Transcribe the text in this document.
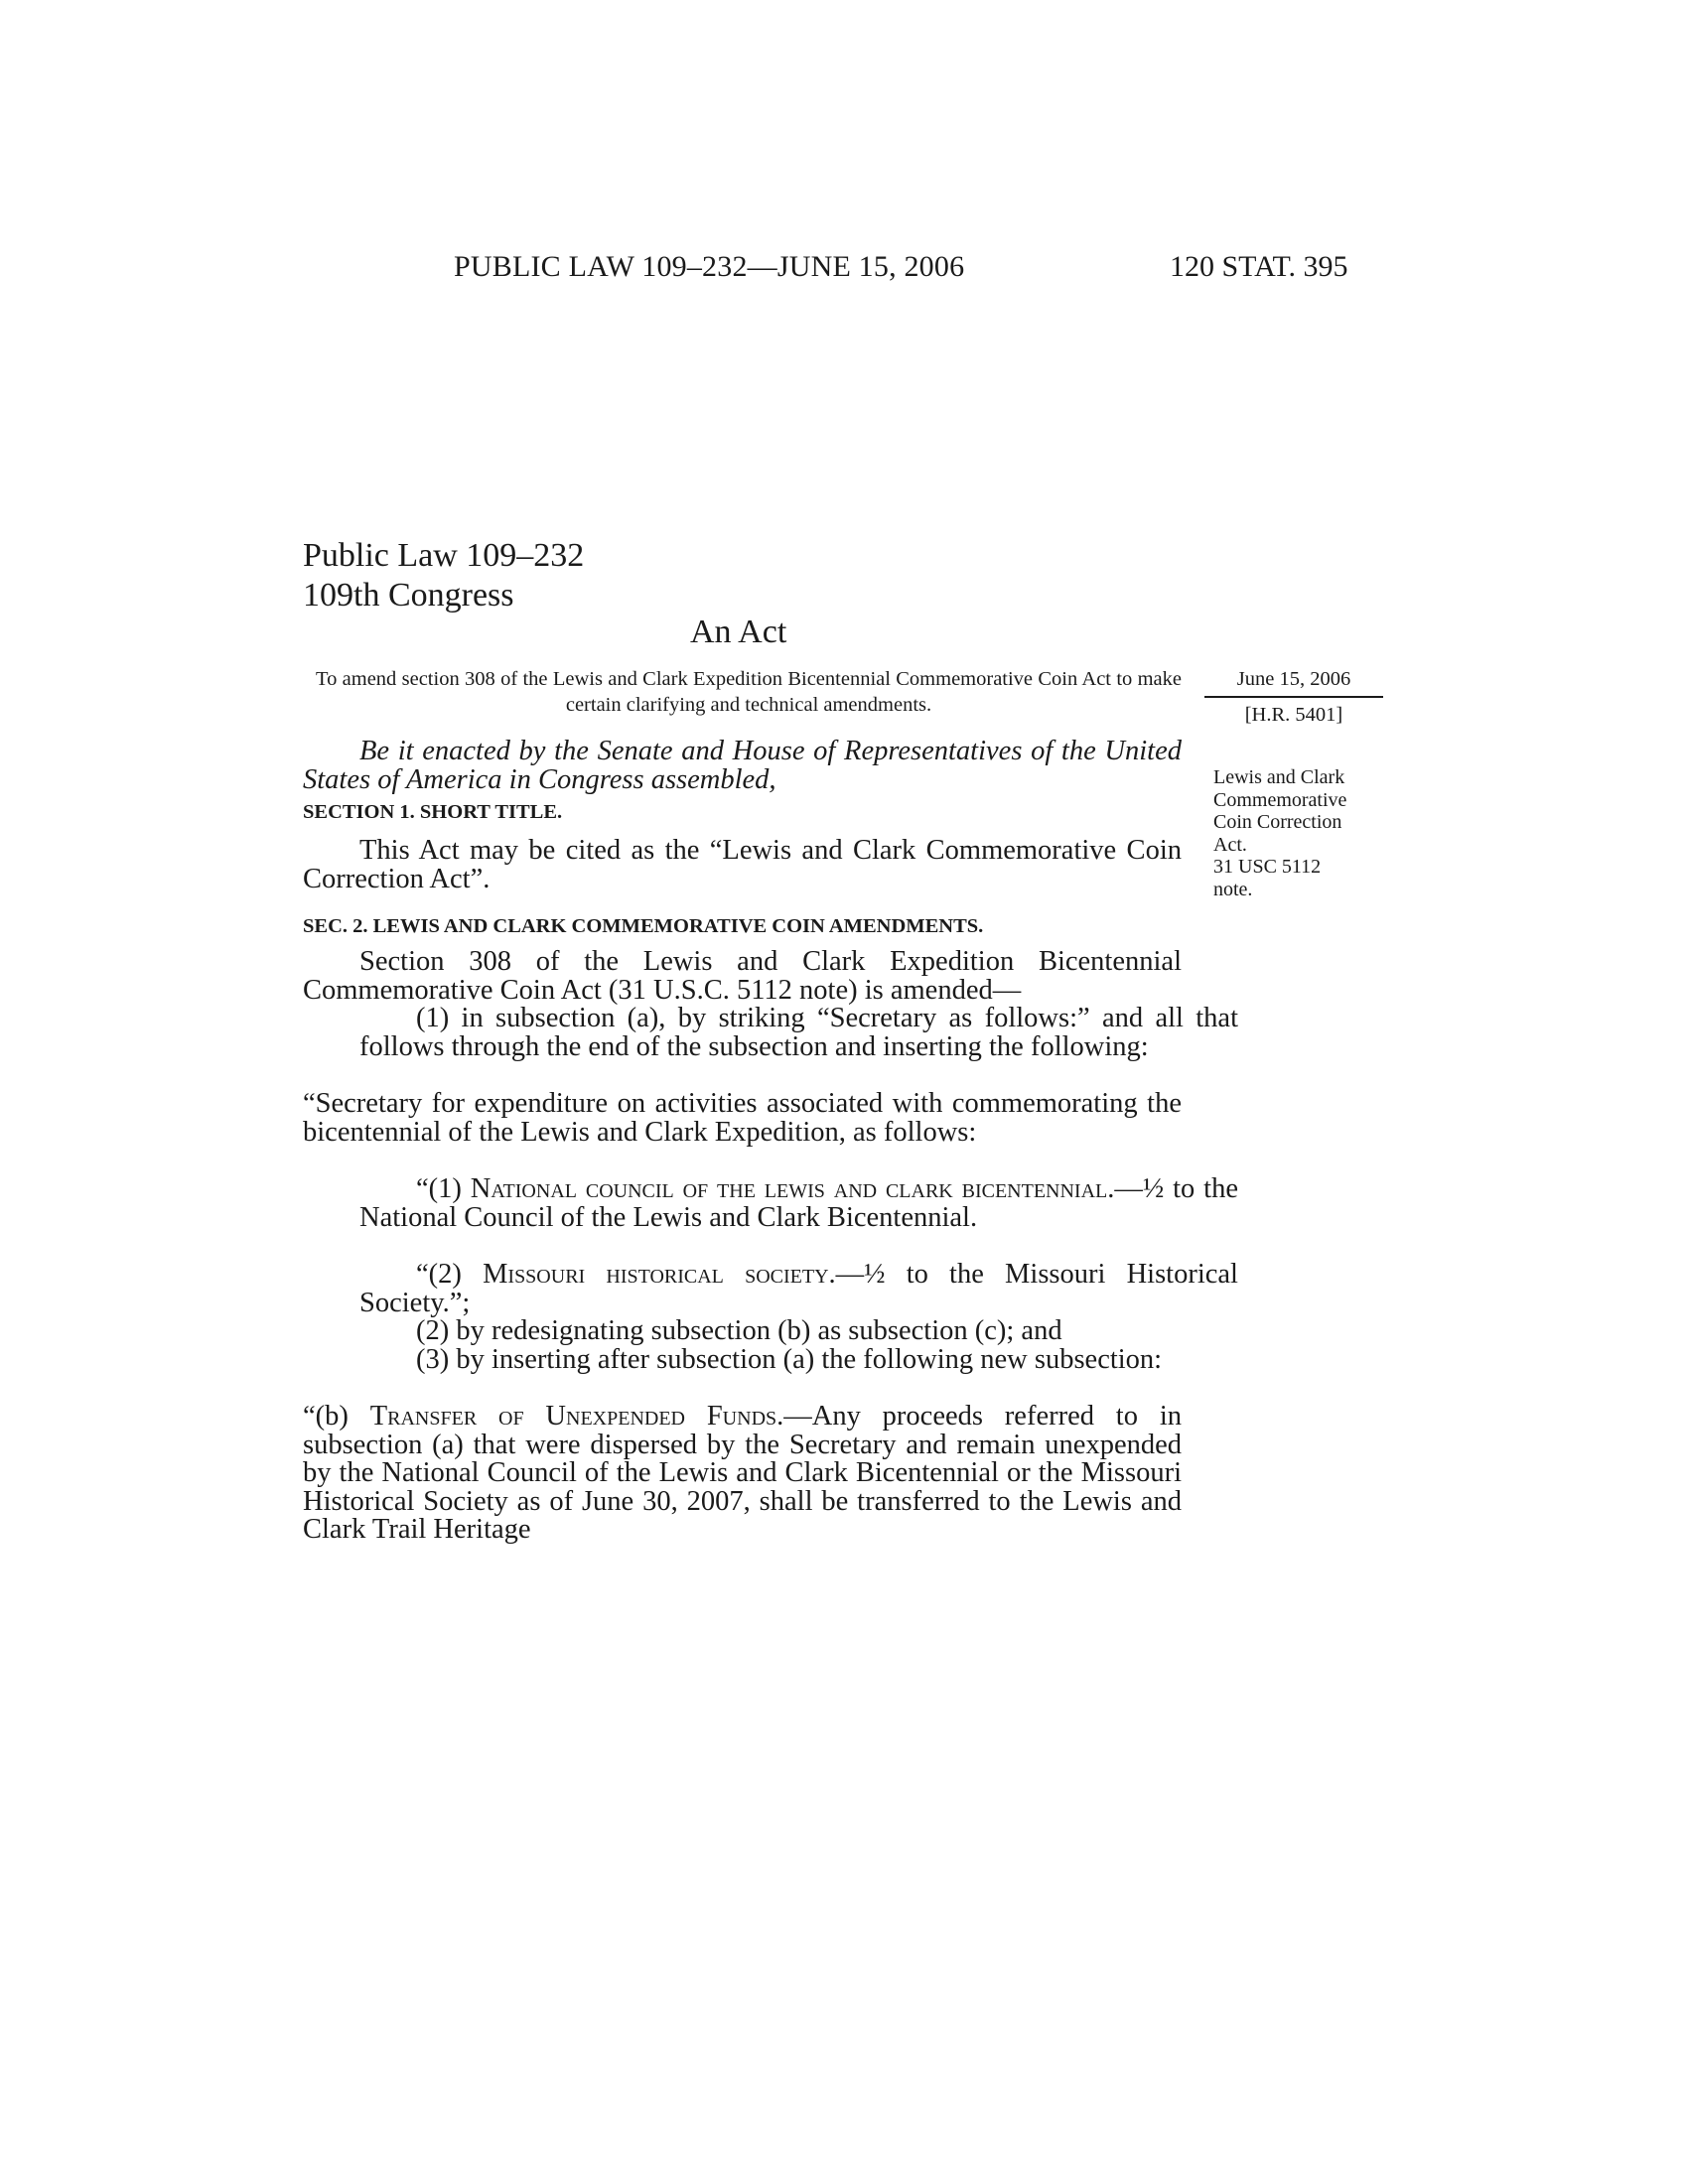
PUBLIC LAW 109–232—JUNE 15, 2006	120 STAT. 395
Public Law 109–232
109th Congress
An Act
To amend section 308 of the Lewis and Clark Expedition Bicentennial Commemorative Coin Act to make certain clarifying and technical amendments.
June 15, 2006
[H.R. 5401]
Lewis and Clark
Commemorative
Coin Correction
Act.
31 USC 5112
note.

Be it enacted by the Senate and House of Representatives of the United States of America in Congress assembled,

SECTION 1. SHORT TITLE.

This Act may be cited as the “Lewis and Clark Commemorative Coin Correction Act”.

SEC. 2. LEWIS AND CLARK COMMEMORATIVE COIN AMENDMENTS.

Section 308 of the Lewis and Clark Expedition Bicentennial Commemorative Coin Act (31 U.S.C. 5112 note) is amended—

(1) in subsection (a), by striking “Secretary as follows:” and all that follows through the end of the subsection and inserting the following:

“Secretary for expenditure on activities associated with commemorating the bicentennial of the Lewis and Clark Expedition, as follows:

“(1) National council of the lewis and clark bicentennial.—½ to the National Council of the Lewis and Clark Bicentennial.

“(2) Missouri historical society.—½ to the Missouri Historical Society.”;

(2) by redesignating subsection (b) as subsection (c); and

(3) by inserting after subsection (a) the following new subsection:

“(b) Transfer of Unexpended Funds.—Any proceeds referred to in subsection (a) that were dispersed by the Secretary and remain unexpended by the National Council of the Lewis and Clark Bicentennial or the Missouri Historical Society as of June 30, 2007, shall be transferred to the Lewis and Clark Trail Heritage
